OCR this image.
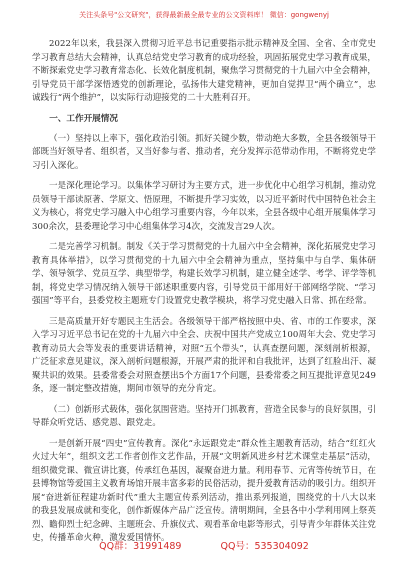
关注头条号"公文研究"，获得最新最全最专业的公文资料库！ 微信：gongwenyj

2022年以来，我县深入贯彻习近平总书记重要指示批示精神及全国、全省、全市党史学习教育总结大会精神，认真总结党史学习教育的成功经验，巩固拓展党史学习教育成果，不断探索党史学习教育常态化、长效化制度机制，聚焦学习贯彻党的十九届六中全会精神，引导党员干部学深悟透党的创新理论，弘扬伟大建党精神，更加自觉捍卫“两个确立”，忠诚践行“两个维护”，以实际行动迎接党的二十大胜利召开。

一、工作开展情况

（一）坚持以上率下，强化政治引领。抓好关键少数，带动绝大多数，全县各级领导干部既当好领导者、组织者，又当好参与者、推动者，充分发挥示范带动作用，不断将党史学习引入深化。

一是深化理论学习。以集体学习研讨为主要方式，进一步优化中心组学习机制，推动党员领导干部读原著、学原文、悟原理，不断提升学习实效，以习近平新时代中国特色社会主义为核心，将党史学习融入中心组学习重要内容，今年以来，全县各级中心组开展集体学习300余次，县委理论学习中心组集体学习4次，交流发言29人次。

二是完善学习机制。制发《关于学习贯彻党的十九届六中全会精神，深化拓展党史学习教育具体举措》，以学习贯彻党的十九届六中全会精神为重点，坚持集中与自学、集体研学、领导领学、党员互学、典型带学，构建长效学习机制，建立健全述学、考学、评学等机制，将党史学习情况纳入领导干部述职重要内容，引导党员干部用好干部网络学院、“学习强国”等平台，县委党校主题班专门设置党史教学模块，将学习党史融入日常、抓在经常。

三是高质量开好专题民主生活会。各级领导干部严格按照中央、省、市的工作要求，深入学习习近平总书记在党的十九届六中全会、庆祝中国共产党成立100周年大会、党史学习教育动员大会等发表的重要讲话精神，对照“五个带头”，认真查摆问题，深刻剖析根源，广泛征求意见建议，深入剖析问题根源，开展严肃的批评和自我批评，达到了红脸出汗、凝聚共识的效果。县委常委会对照查摆出5个方面17个问题，县委常委之间互提批评意见249条，逐一制定整改措施，期间市领导的充分肯定。

（二）创新形式载体，强化氛围营造。坚持开门抓教育，营造全民参与的良好氛围，引导群众听党话、感党恩、跟党走。

一是创新开展“四史”宣传教育。深化“永远跟党走”群众性主题教育活动，结合“红红火火过大年”，组织文艺工作者创作文艺作品，开展“文明新风进乡村艺术课堂走基层”活动，组织微党课、微宣讲比赛，传承红色基因，凝聚奋进力量。利用春节、元宵等传统节日，在县博物馆等爱国主义教育场馆开展丰富多彩的民俗活动，提升爱教育活动的吸引力。组织开展“奋进新征程建功新时代”重大主题宣传系列活动，推出系列报道，围绕党的十八大以来的我县发展成就和变化，创作新媒体产品广泛宣传。清明期间，全县各中小学利用网上祭英烈、瞻仰烈士纪念碑、主题班会、升旗仪式、观看革命电影等形式，引导青少年群体关注党史，传播革命火种，激发爱国情怀。

QQ群：31991489	QQ号：535304092
